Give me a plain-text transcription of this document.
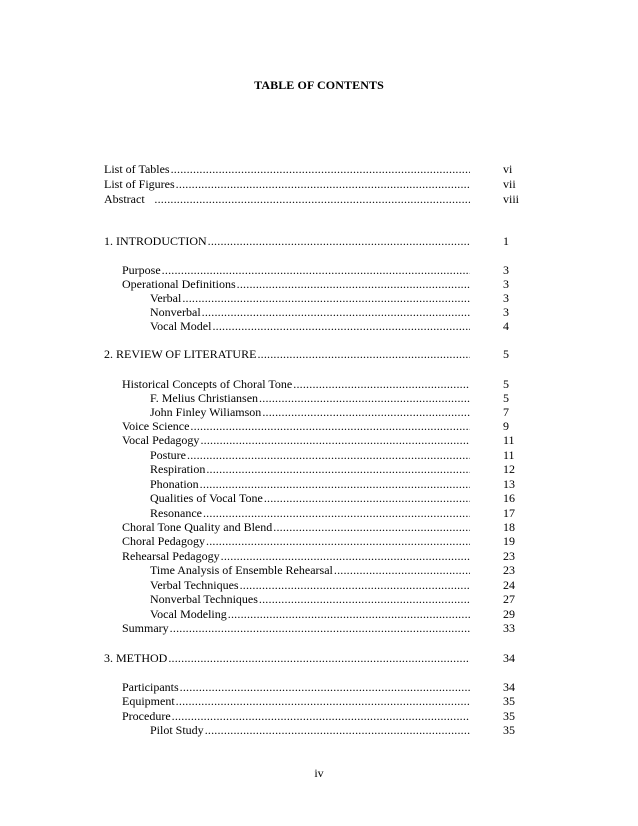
TABLE OF CONTENTS
List of Tables .....	vi
List of Figures .....	vii
Abstract .....	viii
1. INTRODUCTION .....	1
Purpose .....	3
Operational Definitions .....	3
Verbal .....	3
Nonverbal .....	3
Vocal Model .....	4
2. REVIEW OF LITERATURE .....	5
Historical Concepts of Choral Tone .....	5
F. Melius Christiansen .....	5
John Finley Wiliamson .....	7
Voice Science .....	9
Vocal Pedagogy .....	11
Posture .....	11
Respiration .....	12
Phonation .....	13
Qualities of Vocal Tone .....	16
Resonance .....	17
Choral Tone Quality and Blend .....	18
Choral Pedagogy .....	19
Rehearsal Pedagogy .....	23
Time Analysis of Ensemble Rehearsal .....	23
Verbal Techniques .....	24
Nonverbal Techniques .....	27
Vocal Modeling .....	29
Summary .....	33
3. METHOD .....	34
Participants .....	34
Equipment .....	35
Procedure .....	35
Pilot Study .....	35
iv
